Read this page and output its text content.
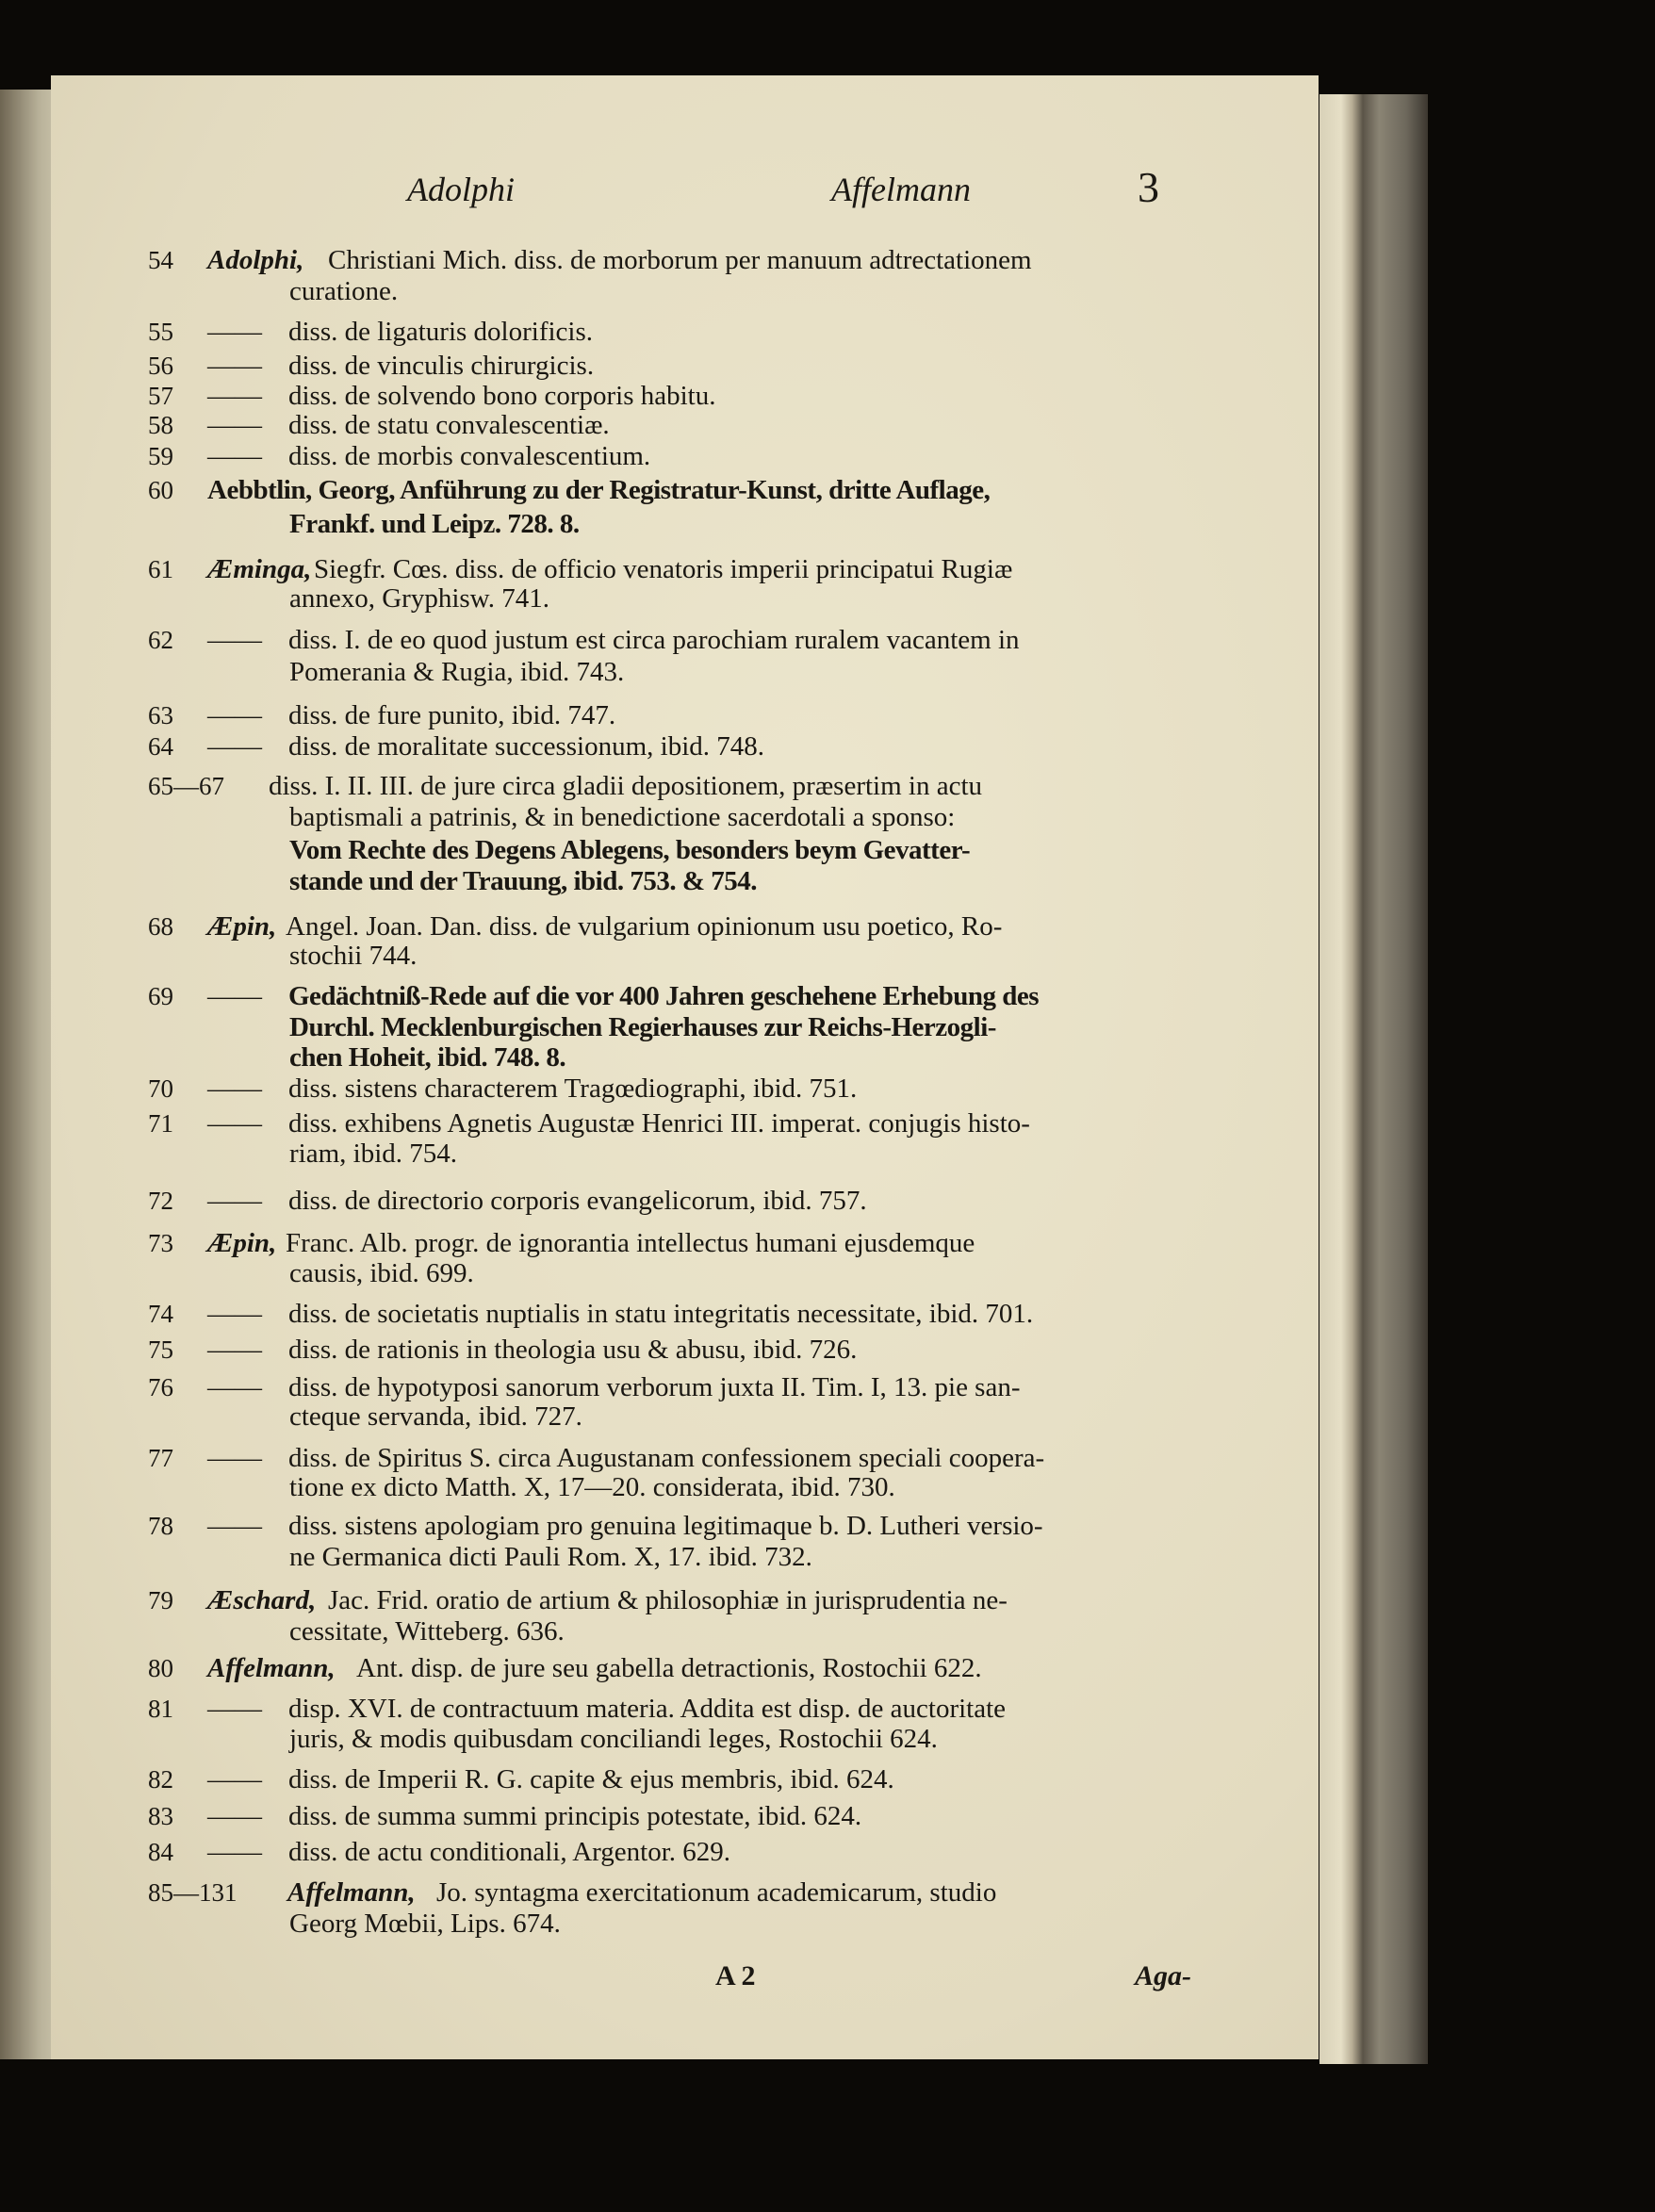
Adolphi	Affelmann	3
54 Adolphi, Christiani Mich. diss. de morborum per manuum adtrectationem
curatione.
55 —— diss. de ligaturis dolorificis.
56 —— diss. de vinculis chirurgicis.
57 —— diss. de solvendo bono corporis habitu.
58 —— diss. de statu convalescentiæ.
59 —— diss. de morbis convalescentium.
60 Aebbtlin, Georg, Anführung zu der Registratur-Kunst, dritte Auflage,
Frankf. und Leipz. 728. 8.
61 Æminga, Siegfr. Cœs. diss. de officio venatoris imperii principatui Rugiæ
annexo, Gryphisw. 741.
62 —— diss. I. de eo quod justum est circa parochiam ruralem vacantem in
Pomerania & Rugia, ibid. 743.
63 —— diss. de fure punito, ibid. 747.
64 —— diss. de moralitate successionum, ibid. 748.
65—67 diss. I. II. III. de jure circa gladii depositionem, præsertim in actu
baptismali a patrinis, & in benedictione sacerdotali a sponso:
Vom Rechte des Degens Ablegens, besonders beym Gevatter-
stande und der Trauung, ibid. 753. & 754.
68 Æpin, Angel. Joan. Dan. diss. de vulgarium opinionum usu poetico, Ro-
stochii 744.
69 —— Gedächtniß-Rede auf die vor 400 Jahren geschehene Erhebung des
Durchl. Mecklenburgischen Regierhauses zur Reichs-Herzogli-
chen Hoheit, ibid. 748. 8.
70 —— diss. sistens characterem Tragœdiographi, ibid. 751.
71 —— diss. exhibens Agnetis Augustæ Henrici III. imperat. conjugis histo-
riam, ibid. 754.
72 —— diss. de directorio corporis evangelicorum, ibid. 757.
73 Æpin, Franc. Alb. progr. de ignorantia intellectus humani ejusdemque
causis, ibid. 699.
74 —— diss. de societatis nuptialis in statu integritatis necessitate, ibid. 701.
75 —— diss. de rationis in theologia usu & abusu, ibid. 726.
76 —— diss. de hypotyposi sanorum verborum juxta II. Tim. I, 13. pie san-
cteque servanda, ibid. 727.
77 —— diss. de Spiritus S. circa Augustanam confessionem speciali coopera-
tione ex dicto Matth. X, 17—20. considerata, ibid. 730.
78 —— diss. sistens apologiam pro genuina legitimaque b. D. Lutheri versio-
ne Germanica dicti Pauli Rom. X, 17. ibid. 732.
79 Æschard, Jac. Frid. oratio de artium & philosophiæ in jurisprudentia ne-
cessitate, Witteberg. 636.
80 Affelmann, Ant. disp. de jure seu gabella detractionis, Rostochii 622.
81 —— disp. XVI. de contractuum materia. Addita est disp. de auctoritate
juris, & modis quibusdam conciliandi leges, Rostochii 624.
82 —— diss. de Imperii R. G. capite & ejus membris, ibid. 624.
83 —— diss. de summa summi principis potestate, ibid. 624.
84 —— diss. de actu conditionali, Argentor. 629.
85—131 Affelmann, Jo. syntagma exercitationum academicarum, studio
Georg Mœbii, Lips. 674.
A 2	Aga-
